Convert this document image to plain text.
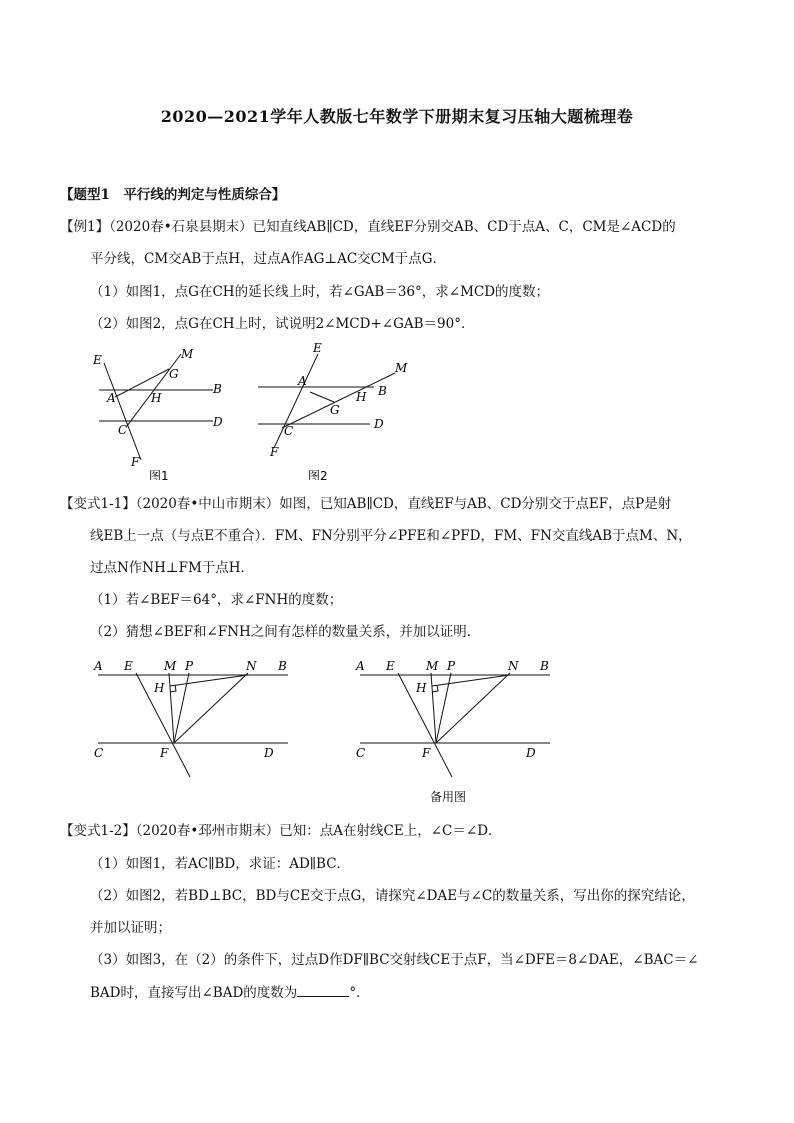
2020—2021学年人教版七年数学下册期末复习压轴大题梳理卷
【题型1　平行线的判定与性质综合】
【例1】（2020春•石泉县期末）已知直线AB∥CD，直线EF分别交AB、CD于点A、C，CM是∠ACD的
平分线，CM交AB于点H，过点A作AG⊥AC交CM于点G．
（1）如图1，点G在CH的延长线上时，若∠GAB＝36°，求∠MCD的度数；
（2）如图2，点G在CH上时，试说明2∠MCD+∠GAB＝90°．
E	M
G
B
A	H
C
D
F
图1
E
M
A
H B
G
C	D
F
图2
【变式1-1】（2020春•中山市期末）如图，已知AB∥CD，直线EF与AB、CD分别交于点EF，点P是射
线EB上一点（与点E不重合）．FM、FN分别平分∠PFE和∠PFD，FM、FN交直线AB于点M、N，
过点N作NH⊥FM于点H．
（1）若∠BEF＝64°，求∠FNH的度数；
（2）猜想∠BEF和∠FNH之间有怎样的数量关系，并加以证明．
A E	M P	N B
H
C	F	D
A E	M P	N B
H
C	F	D
备用图
【变式1-2】（2020春•邳州市期末）已知：点A在射线CE上，∠C＝∠D．
（1）如图1，若AC∥BD，求证：AD∥BC．
（2）如图2，若BD⊥BC，BD与CE交于点G，请探究∠DAE与∠C的数量关系，写出你的探究结论，
并加以证明；
（3）如图3，在（2）的条件下，过点D作DF∥BC交射线CE于点F，当∠DFE＝8∠DAE，∠BAC＝∠
BAD时，直接写出∠BAD的度数为	°．
